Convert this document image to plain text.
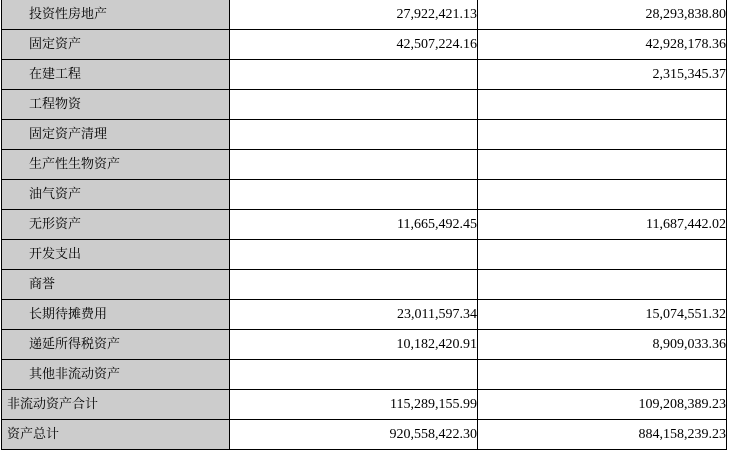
投资性房地产	27,922,421.13	28,293,838.80
固定资产	42,507,224.16	42,928,178.36
在建工程		2,315,345.37
工程物资		
固定资产清理		
生产性生物资产		
油气资产		
无形资产	11,665,492.45	11,687,442.02
开发支出		
商誉		
长期待摊费用	23,011,597.34	15,074,551.32
递延所得税资产	10,182,420.91	8,909,033.36
其他非流动资产		
非流动资产合计	115,289,155.99	109,208,389.23
资产总计	920,558,422.30	884,158,239.23
